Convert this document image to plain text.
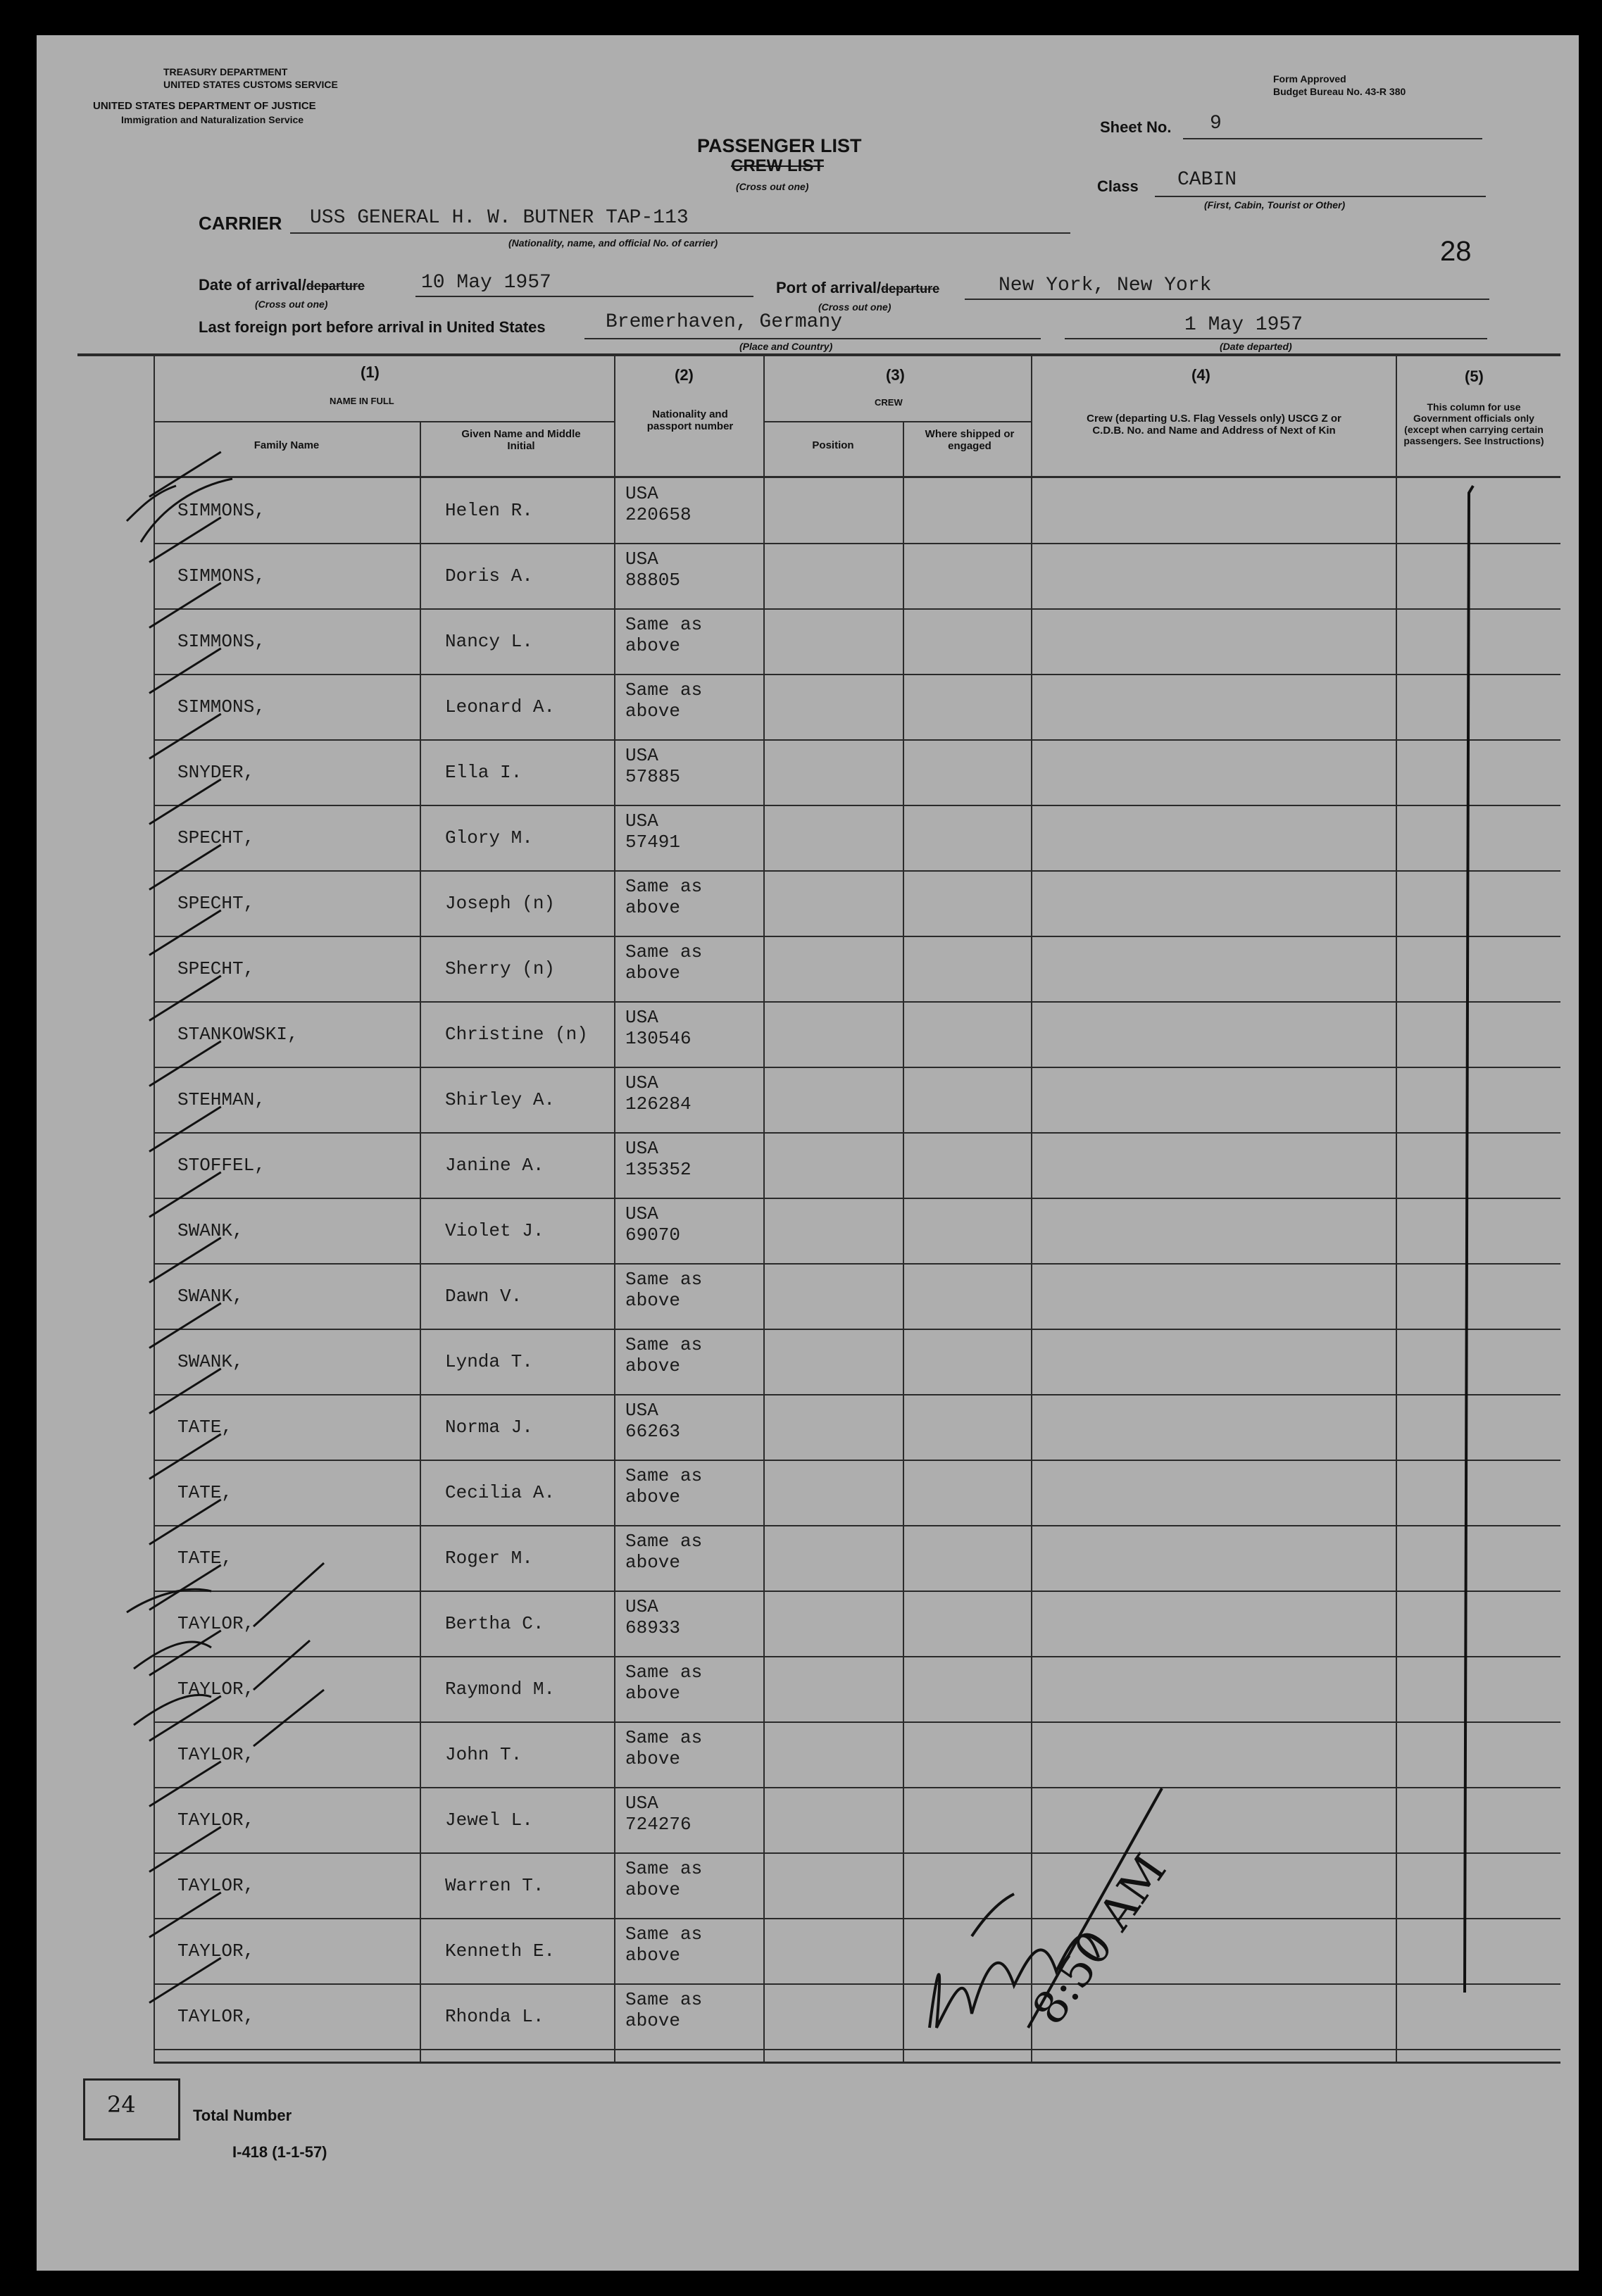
TREASURY DEPARTMENT
UNITED STATES CUSTOMS SERVICE
UNITED STATES DEPARTMENT OF JUSTICE
Immigration and Naturalization Service
Form Approved
Budget Bureau No. 43-R 380
PASSENGER LIST
CREW LIST
(Cross out one)
Sheet No. 9
Class CABIN
(First, Cabin, Tourist or Other)
CARRIER USS GENERAL H. W. BUTNER TAP-113
(Nationality, name, and official No. of carrier)	28
Date of arrival/departure	10 May 1957
(Cross out one)
Port of arrival/departure	New York, New York
(Cross out one)
Last foreign port before arrival in United States	Bremerhaven, Germany
(Place and Country)
1 May 1957
(Date departed)
(1)
NAME IN FULL
Family Name
Given Name and Middle Initial
(2)
Nationality and passport number
(3)
CREW
Position
Where shipped or engaged
(4)
Crew (departing U.S. Flag Vessels only) USCG Z or C.D.B. No. and Name and Address of Next of Kin
(5)
This column for use Government officials only (except when carrying certain passengers. See Instructions)
SIMMONS,	Helen R.
USA
220658
SIMMONS,	Doris A.
USA
88805
SIMMONS,	Nancy L.
Same as
above
SIMMONS,	Leonard A.
Same as
above
SNYDER,	Ella I.
USA
57885
SPECHT,	Glory M.
USA
57491
SPECHT,	Joseph (n)
Same as
above
SPECHT,	Sherry (n)
Same as
above
STANKOWSKI,	Christine (n)
USA
130546
STEHMAN,	Shirley A.
USA
126284
STOFFEL,	Janine A.
USA
135352
SWANK,	Violet J.
USA
69070
SWANK,	Dawn V.
Same as
above
SWANK,	Lynda T.
Same as
above
TATE,	Norma J.
USA
66263
TATE,	Cecilia A.
Same as
above
TATE,	Roger M.
Same as
above
TAYLOR,	Bertha C.
USA
68933
TAYLOR,	Raymond M.
Same as
above
TAYLOR,	John T.
Same as
above
TAYLOR,	Jewel L.
USA
724276
TAYLOR,	Warren T.
Same as
above
TAYLOR,	Kenneth E.
Same as
above
TAYLOR,	Rhonda L.
Same as
above	8:50 AM
24	Total Number
I-418 (1-1-57)
